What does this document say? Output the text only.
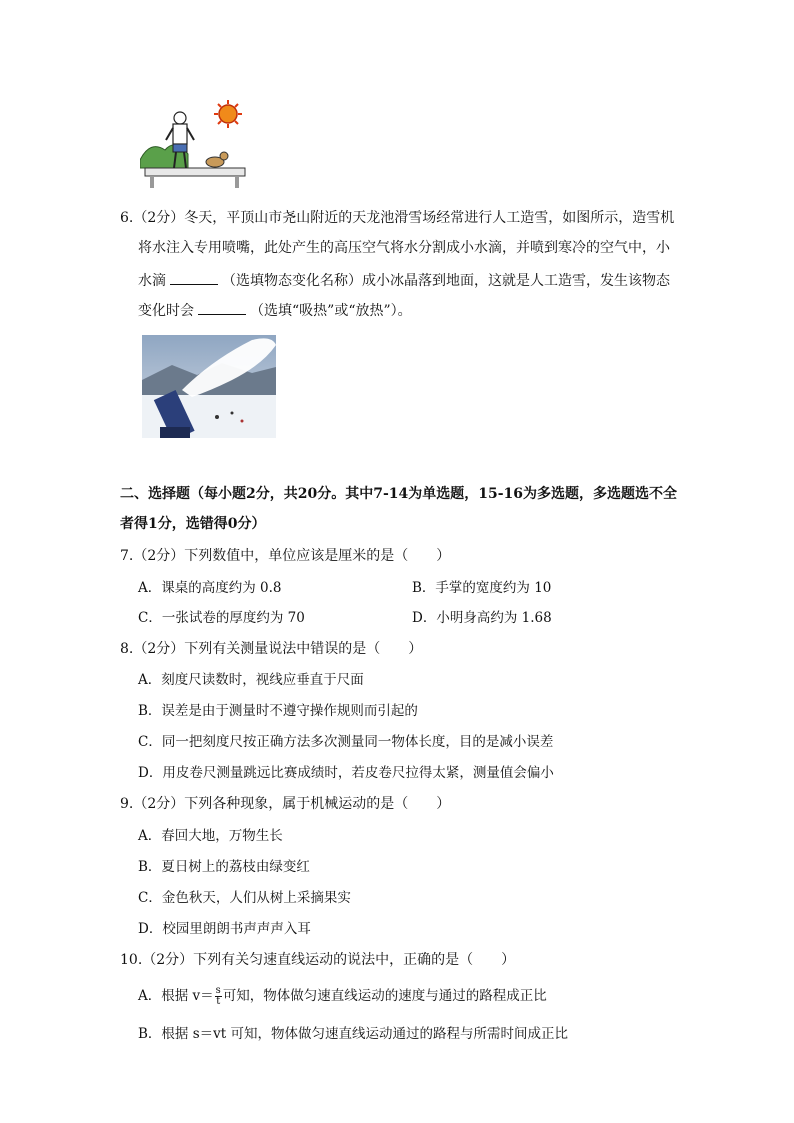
6.（2分）冬天，平顶山市尧山附近的天龙池滑雪场经常进行人工造雪，如图所示，造雪机
将水注入专用喷嘴，此处产生的高压空气将水分割成小水滴，并喷到寒冷的空气中，小
水滴	（选填物态变化名称）成小冰晶落到地面，这就是人工造雪，发生该物态
变化时会	（选填“吸热”或“放热”）。
二、选择题（每小题2分，共20分。其中7-14为单选题，15-16为多选题，多选题选不全
者得1分，选错得0分）
7.（2分）下列数值中，单位应该是厘米的是（　　）
A．课桌的高度约为 0.8	B．手掌的宽度约为 10
C．一张试卷的厚度约为 70	D．小明身高约为 1.68
8.（2分）下列有关测量说法中错误的是（　　）
A．刻度尺读数时，视线应垂直于尺面
B．误差是由于测量时不遵守操作规则而引起的
C．同一把刻度尺按正确方法多次测量同一物体长度，目的是减小误差
D．用皮卷尺测量跳远比赛成绩时，若皮卷尺拉得太紧，测量值会偏小
9.（2分）下列各种现象，属于机械运动的是（　　）
A．春回大地，万物生长
B．夏日树上的荔枝由绿变红
C．金色秋天，人们从树上采摘果实
D．校园里朗朗书声声声入耳
10.（2分）下列有关匀速直线运动的说法中，正确的是（　　）
A．根据 $v= \frac{s}{t}$ 可知，物体做匀速直线运动的速度与通过的路程成正比
B．根据 s＝vt 可知，物体做匀速直线运动通过的路程与所需时间成正比
